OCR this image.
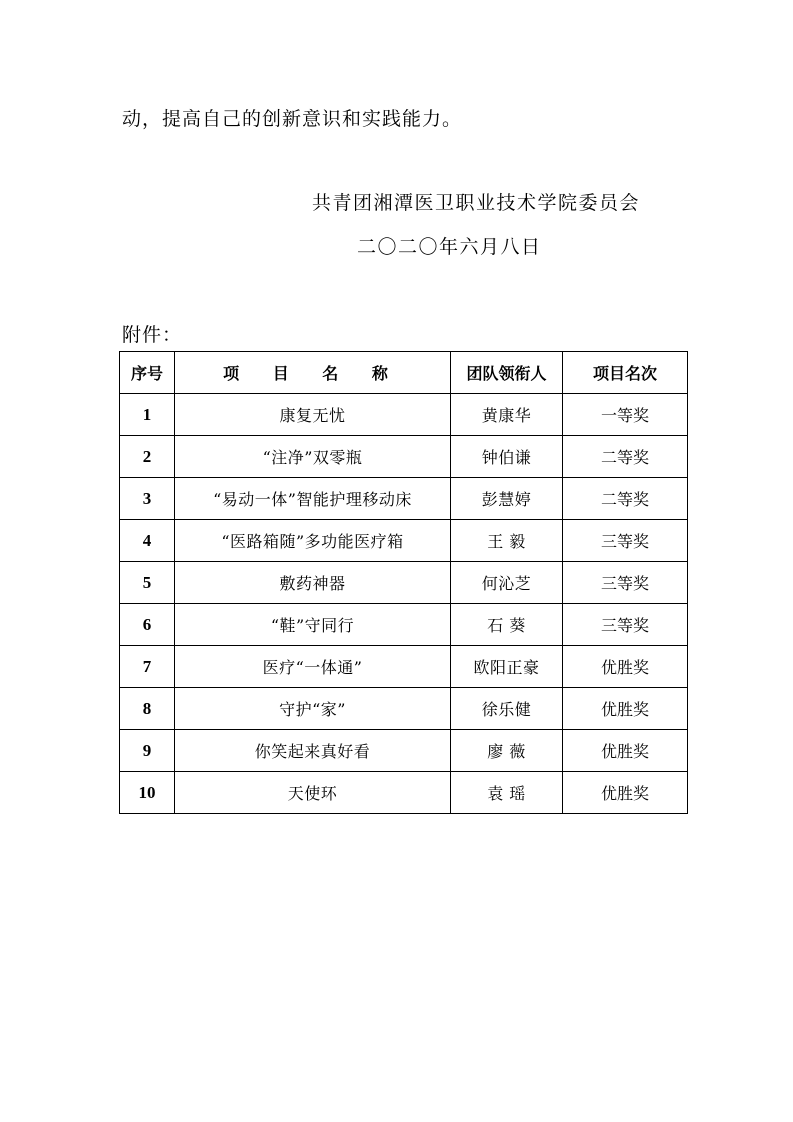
动，提高自己的创新意识和实践能力。
共青团湘潭医卫职业技术学院委员会
二〇二〇年六月八日
附件：
序号	项 目 名 称	团队领衔人	项目名次
1	康复无忧	黄康华	一等奖
2	“注净”双零瓶	钟伯谦	二等奖
3	“易动一体”智能护理移动床	彭慧婷	二等奖
4	“医路箱随”多功能医疗箱	王 毅	三等奖
5	敷药神器	何沁芝	三等奖
6	“鞋”守同行	石 葵	三等奖
7	医疗“一体通”	欧阳正豪	优胜奖
8	守护“家”	徐乐健	优胜奖
9	你笑起来真好看	廖 薇	优胜奖
10	天使环	袁 瑶	优胜奖
